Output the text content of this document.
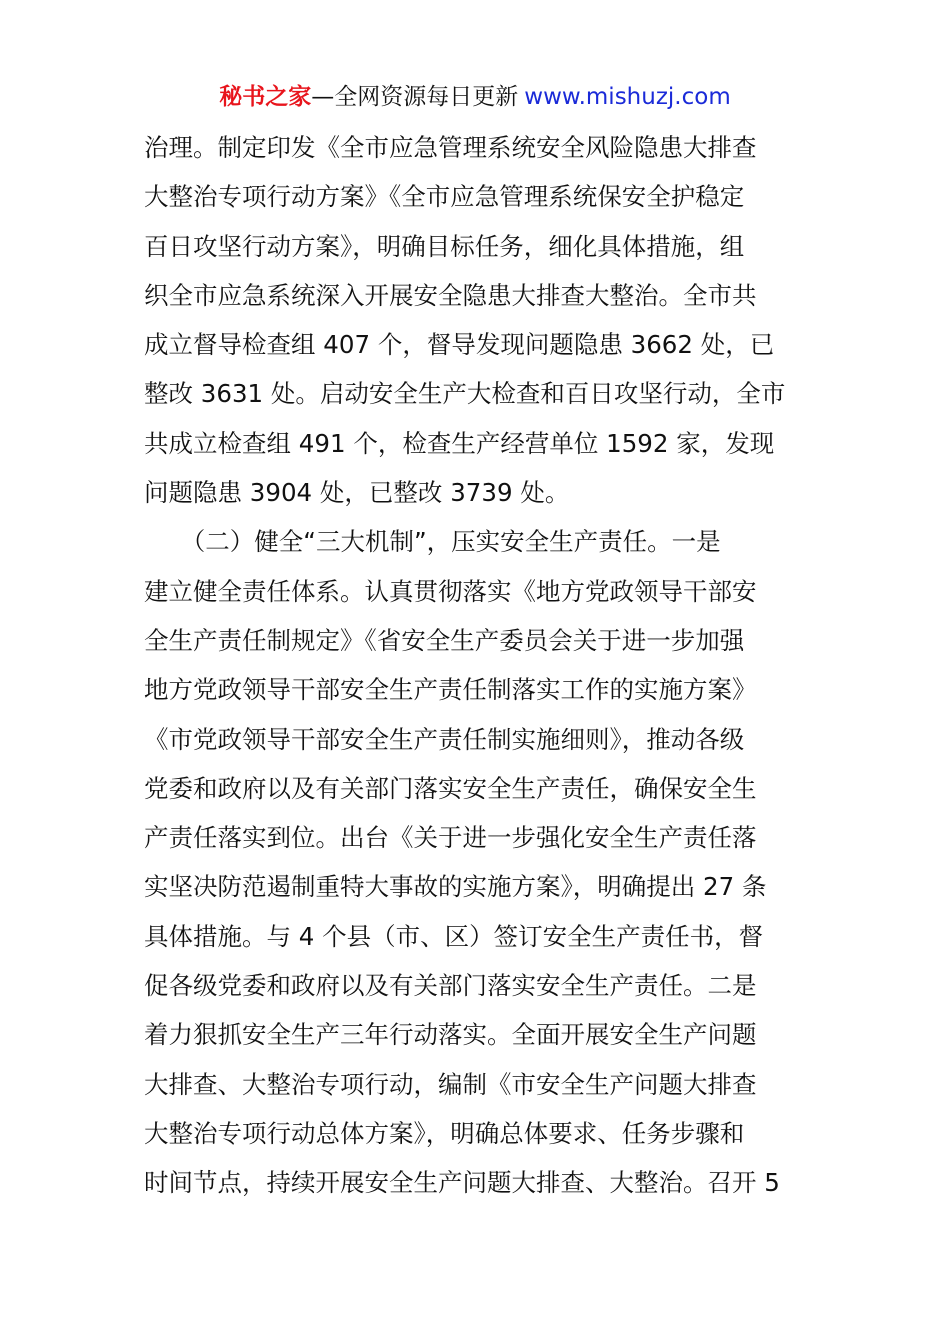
秘书之家—全网资源每日更新 www.mishuzj.com
治理。制定印发《全市应急管理系统安全风险隐患大排查
大整治专项行动方案》《全市应急管理系统保安全护稳定
百日攻坚行动方案》，明确目标任务，细化具体措施，组
织全市应急系统深入开展安全隐患大排查大整治。全市共
成立督导检查组 407 个，督导发现问题隐患 3662 处，已
整改 3631 处。启动安全生产大检查和百日攻坚行动，全市
共成立检查组 491 个，检查生产经营单位 1592 家，发现
问题隐患 3904 处，已整改 3739 处。
　　（二）健全“三大机制”，压实安全生产责任。一是
建立健全责任体系。认真贯彻落实《地方党政领导干部安
全生产责任制规定》《省安全生产委员会关于进一步加强
地方党政领导干部安全生产责任制落实工作的实施方案》
《市党政领导干部安全生产责任制实施细则》，推动各级
党委和政府以及有关部门落实安全生产责任，确保安全生
产责任落实到位。出台《关于进一步强化安全生产责任落
实坚决防范遏制重特大事故的实施方案》，明确提出 27 条
具体措施。与 4 个县（市、区）签订安全生产责任书，督
促各级党委和政府以及有关部门落实安全生产责任。二是
着力狠抓安全生产三年行动落实。全面开展安全生产问题
大排查、大整治专项行动，编制《市安全生产问题大排查
大整治专项行动总体方案》，明确总体要求、任务步骤和
时间节点，持续开展安全生产问题大排查、大整治。召开 5
